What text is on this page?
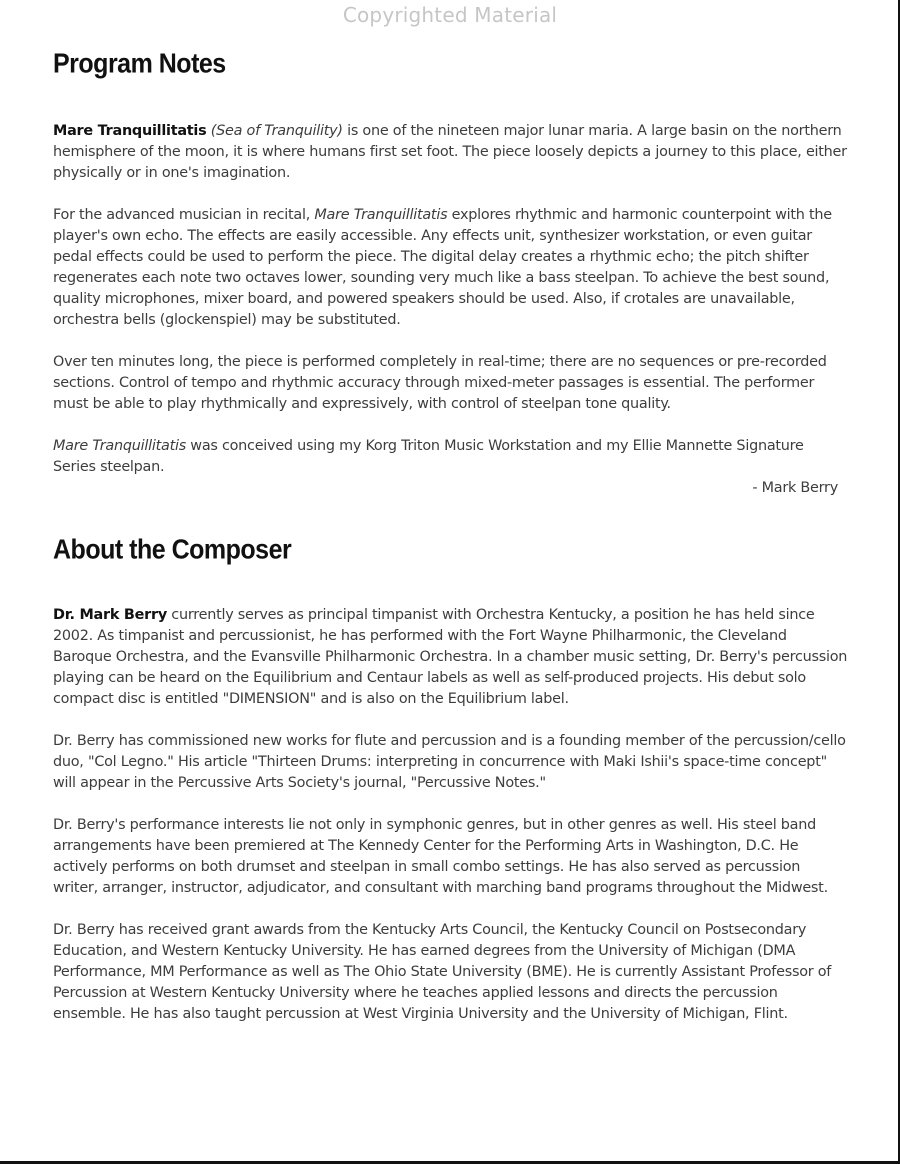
Copyrighted Material
Program Notes

Mare Tranquillitatis (Sea of Tranquility) is one of the nineteen major lunar maria. A large basin on the northern hemisphere of the moon, it is where humans first set foot. The piece loosely depicts a journey to this place, either physically or in one's imagination.

For the advanced musician in recital, Mare Tranquillitatis explores rhythmic and harmonic counterpoint with the player's own echo. The effects are easily accessible. Any effects unit, synthesizer workstation, or even guitar pedal effects could be used to perform the piece. The digital delay creates a rhythmic echo; the pitch shifter regenerates each note two octaves lower, sounding very much like a bass steelpan. To achieve the best sound, quality microphones, mixer board, and powered speakers should be used. Also, if crotales are unavailable, orchestra bells (glockenspiel) may be substituted.

Over ten minutes long, the piece is performed completely in real-time; there are no sequences or pre-recorded sections. Control of tempo and rhythmic accuracy through mixed-meter passages is essential. The performer must be able to play rhythmically and expressively, with control of steelpan tone quality.

Mare Tranquillitatis was conceived using my Korg Triton Music Workstation and my Ellie Mannette Signature Series steelpan.

- Mark Berry

About the Composer

Dr. Mark Berry currently serves as principal timpanist with Orchestra Kentucky, a position he has held since 2002. As timpanist and percussionist, he has performed with the Fort Wayne Philharmonic, the Cleveland Baroque Orchestra, and the Evansville Philharmonic Orchestra. In a chamber music setting, Dr. Berry's percussion playing can be heard on the Equilibrium and Centaur labels as well as self-produced projects. His debut solo compact disc is entitled "DIMENSION" and is also on the Equilibrium label.

Dr. Berry has commissioned new works for flute and percussion and is a founding member of the percussion/cello duo, "Col Legno." His article "Thirteen Drums: interpreting in concurrence with Maki Ishii's space-time concept" will appear in the Percussive Arts Society's journal, "Percussive Notes."

Dr. Berry's performance interests lie not only in symphonic genres, but in other genres as well. His steel band arrangements have been premiered at The Kennedy Center for the Performing Arts in Washington, D.C. He actively performs on both drumset and steelpan in small combo settings. He has also served as percussion writer, arranger, instructor, adjudicator, and consultant with marching band programs throughout the Midwest.

Dr. Berry has received grant awards from the Kentucky Arts Council, the Kentucky Council on Postsecondary Education, and Western Kentucky University. He has earned degrees from the University of Michigan (DMA Performance, MM Performance as well as The Ohio State University (BME). He is currently Assistant Professor of Percussion at Western Kentucky University where he teaches applied lessons and directs the percussion ensemble. He has also taught percussion at West Virginia University and the University of Michigan, Flint.
